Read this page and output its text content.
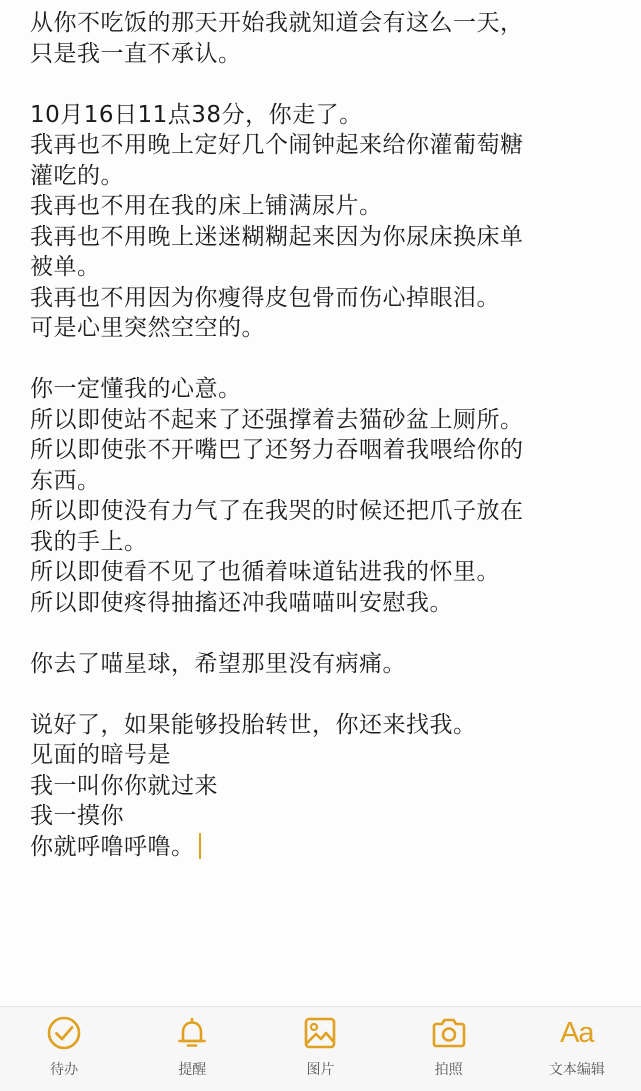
从你不吃饭的那天开始我就知道会有这么一天，
只是我一直不承认。
10月16日11点38分，你走了。
我再也不用晚上定好几个闹钟起来给你灌葡萄糖
灌吃的。
我再也不用在我的床上铺满尿片。
我再也不用晚上迷迷糊糊起来因为你尿床换床单
被单。
我再也不用因为你瘦得皮包骨而伤心掉眼泪。
可是心里突然空空的。
你一定懂我的心意。
所以即使站不起来了还强撑着去猫砂盆上厕所。
所以即使张不开嘴巴了还努力吞咽着我喂给你的
东西。
所以即使没有力气了在我哭的时候还把爪子放在
我的手上。
所以即使看不见了也循着味道钻进我的怀里。
所以即使疼得抽搐还冲我喵喵叫安慰我。
你去了喵星球，希望那里没有病痛。
说好了，如果能够投胎转世，你还来找我。
见面的暗号是
我一叫你你就过来
我一摸你
你就呼噜呼噜。
待办	提醒	图片	拍照
Aa
文本编辑
